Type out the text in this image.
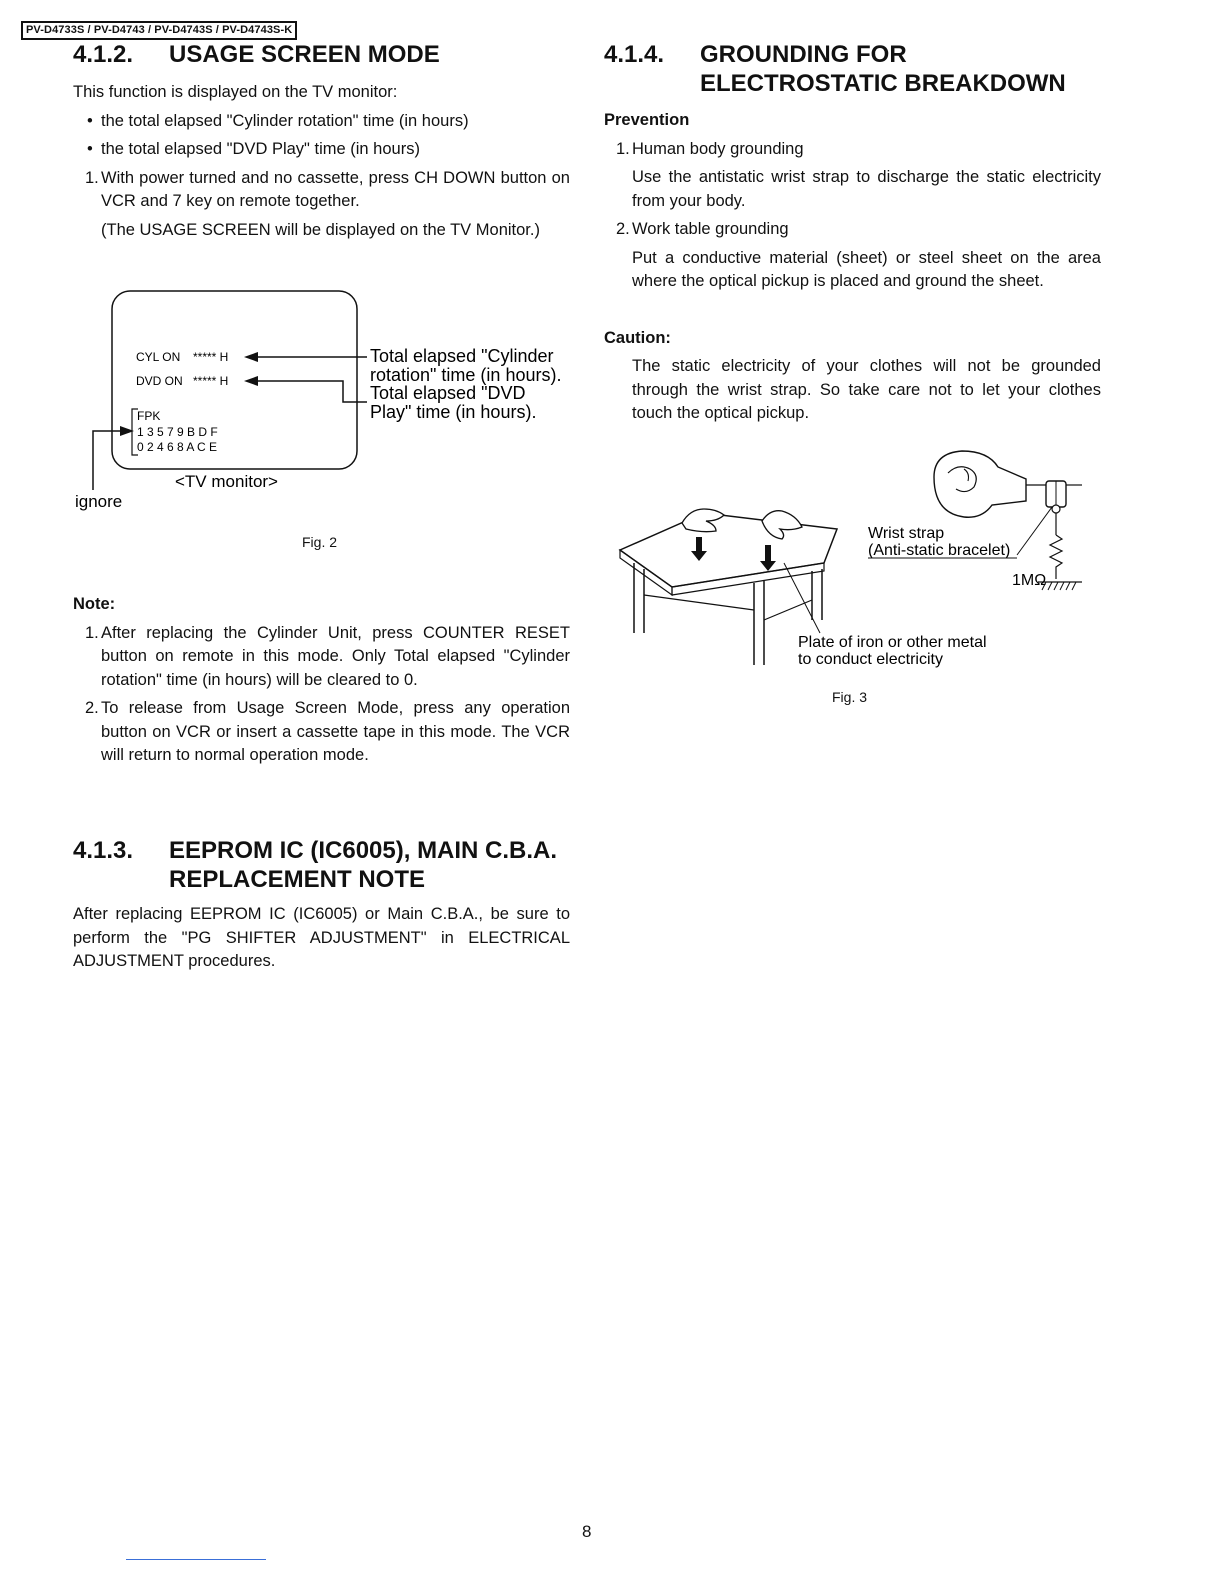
PV-D4733S / PV-D4743 / PV-D4743S / PV-D4743S-K
4.1.2.	USAGE SCREEN MODE

This function is displayed on the TV monitor:

• the total elapsed "Cylinder rotation" time (in hours)
• the total elapsed "DVD Play" time (in hours)
1. With power turned and no cassette, press CH DOWN button on VCR and 7 key on remote together.
(The USAGE SCREEN will be displayed on the TV Monitor.)
CYL ON ***** H
DVD ON ***** H
FPK
1 3 5 7 9 B D F
0 2 4 6 8 A C E
Total elapsed "Cylinder
rotation" time (in hours).
Total elapsed "DVD
Play" time (in hours).
<TV monitor>
ignore
Fig. 2

Note:

1. After replacing the Cylinder Unit, press COUNTER RESET button on remote in this mode. Only Total elapsed "Cylinder rotation" time (in hours) will be cleared to 0.
2. To release from Usage Screen Mode, press any operation button on VCR or insert a cassette tape in this mode. The VCR will return to normal operation mode.
4.1.3.	EEPROM IC (IC6005), MAIN C.B.A.
REPLACEMENT NOTE

After replacing EEPROM IC (IC6005) or Main C.B.A., be sure to perform the "PG SHIFTER ADJUSTMENT" in ELECTRICAL ADJUSTMENT procedures.

4.1.4.	GROUNDING FOR
ELECTROSTATIC BREAKDOWN

Prevention

1. Human body grounding
Use the antistatic wrist strap to discharge the static electricity from your body.
2. Work table grounding
Put a conductive material (sheet) or steel sheet on the area where the optical pickup is placed and ground the sheet.

Caution:

The static electricity of your clothes will not be grounded through the wrist strap. So take care not to let your clothes touch the optical pickup.
Wrist strap
(Anti-static bracelet)
1MΩ
Plate of iron or other metal
to conduct electricity
Fig. 3
8
